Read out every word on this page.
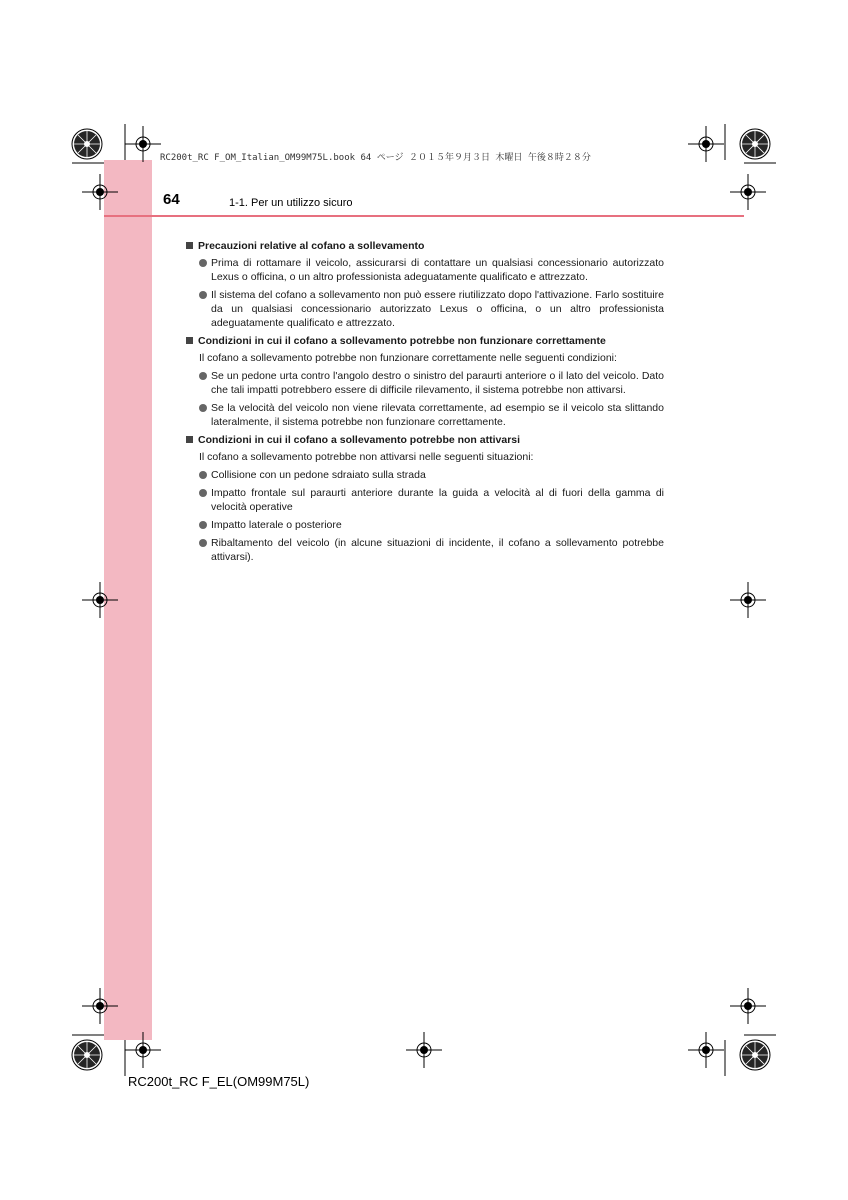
RC200t_RC F_OM_Italian_OM99M75L.book 64 ページ ２０１５年９月３日 木曜日 午後８時２８分
64	1-1. Per un utilizzo sicuro
Precauzioni relative al cofano a sollevamento
Prima di rottamare il veicolo, assicurarsi di contattare un qualsiasi concessionario autorizzato Lexus o officina, o un altro professionista adeguatamente qualificato e attrezzato.
Il sistema del cofano a sollevamento non può essere riutilizzato dopo l'attivazione. Farlo sostituire da un qualsiasi concessionario autorizzato Lexus o officina, o un altro professionista adeguatamente qualificato e attrezzato.
Condizioni in cui il cofano a sollevamento potrebbe non funzionare correttamente
Il cofano a sollevamento potrebbe non funzionare correttamente nelle seguenti condizioni:
Se un pedone urta contro l'angolo destro o sinistro del paraurti anteriore o il lato del veicolo. Dato che tali impatti potrebbero essere di difficile rilevamento, il sistema potrebbe non attivarsi.
Se la velocità del veicolo non viene rilevata correttamente, ad esempio se il veicolo sta slittando lateralmente, il sistema potrebbe non funzionare correttamente.
Condizioni in cui il cofano a sollevamento potrebbe non attivarsi
Il cofano a sollevamento potrebbe non attivarsi nelle seguenti situazioni:
Collisione con un pedone sdraiato sulla strada
Impatto frontale sul paraurti anteriore durante la guida a velocità al di fuori della gamma di velocità operative
Impatto laterale o posteriore
Ribaltamento del veicolo (in alcune situazioni di incidente, il cofano a sollevamento potrebbe attivarsi).
RC200t_RC F_EL(OM99M75L)
